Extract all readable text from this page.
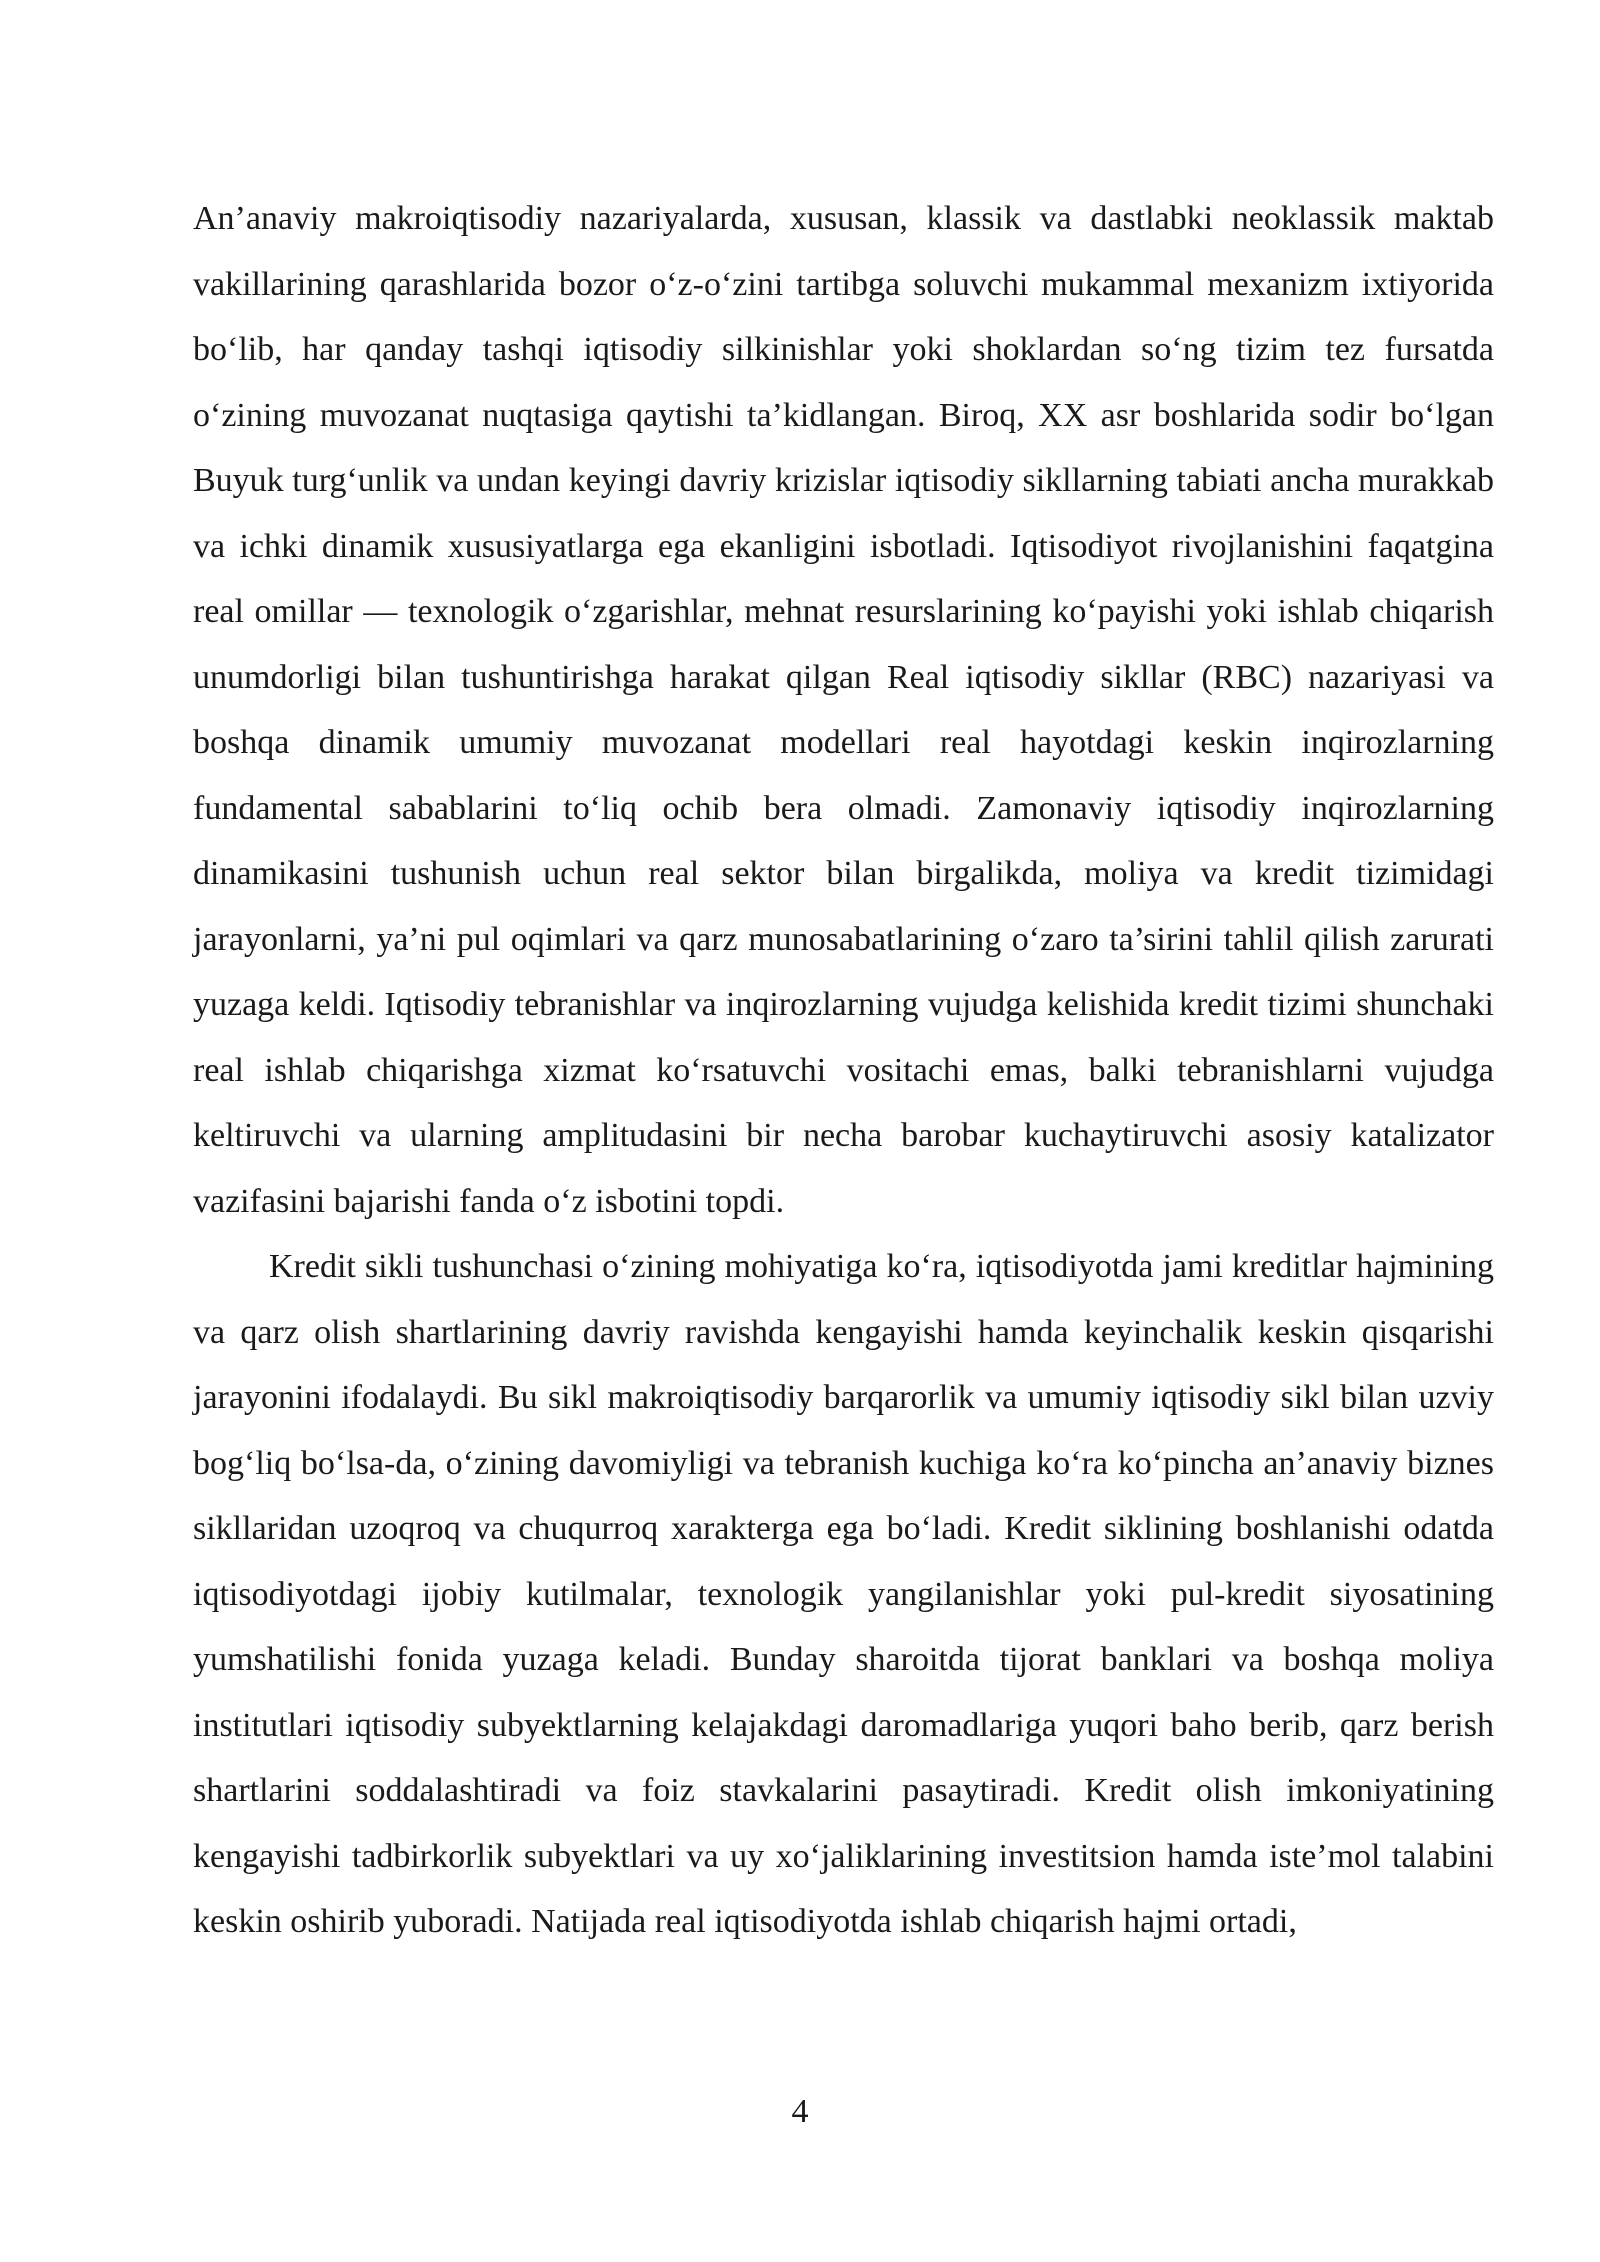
An’anaviy makroiqtisodiy nazariyalarda, xususan, klassik va dastlabki neoklassik maktab vakillarining qarashlarida bozor o‘z-o‘zini tartibga soluvchi mukammal mexanizm ixtiyorida bo‘lib, har qanday tashqi iqtisodiy silkinishlar yoki shoklardan so‘ng tizim tez fursatda o‘zining muvozanat nuqtasiga qaytishi ta’kidlangan. Biroq, XX asr boshlarida sodir bo‘lgan Buyuk turg‘unlik va undan keyingi davriy krizislar iqtisodiy sikllarning tabiati ancha murakkab va ichki dinamik xususiyatlarga ega ekanligini isbotladi. Iqtisodiyot rivojlanishini faqatgina real omillar — texnologik o‘zgarishlar, mehnat resurslarining ko‘payishi yoki ishlab chiqarish unumdorligi bilan tushuntirishga harakat qilgan Real iqtisodiy sikllar (RBC) nazariyasi va boshqa dinamik umumiy muvozanat modellari real hayotdagi keskin inqirozlarning fundamental sabablarini to‘liq ochib bera olmadi. Zamonaviy iqtisodiy inqirozlarning dinamikasini tushunish uchun real sektor bilan birgalikda, moliya va kredit tizimidagi jarayonlarni, ya’ni pul oqimlari va qarz munosabatlarining o‘zaro ta’sirini tahlil qilish zarurati yuzaga keldi. Iqtisodiy tebranishlar va inqirozlarning vujudga kelishida kredit tizimi shunchaki real ishlab chiqarishga xizmat ko‘rsatuvchi vositachi emas, balki tebranishlarni vujudga keltiruvchi va ularning amplitudasini bir necha barobar kuchaytiruvchi asosiy katalizator vazifasini bajarishi fanda o‘z isbotini topdi.

Kredit sikli tushunchasi o‘zining mohiyatiga ko‘ra, iqtisodiyotda jami kreditlar hajmining va qarz olish shartlarining davriy ravishda kengayishi hamda keyinchalik keskin qisqarishi jarayonini ifodalaydi. Bu sikl makroiqtisodiy barqarorlik va umumiy iqtisodiy sikl bilan uzviy bog‘liq bo‘lsa-da, o‘zining davomiyligi va tebranish kuchiga ko‘ra ko‘pincha an’anaviy biznes sikllaridan uzoqroq va chuqurroq xarakterga ega bo‘ladi. Kredit siklining boshlanishi odatda iqtisodiyotdagi ijobiy kutilmalar, texnologik yangilanishlar yoki pul-kredit siyosatining yumshatilishi fonida yuzaga keladi. Bunday sharoitda tijorat banklari va boshqa moliya institutlari iqtisodiy subyektlarning kelajakdagi daromadlariga yuqori baho berib, qarz berish shartlarini soddalashtiradi va foiz stavkalarini pasaytiradi. Kredit olish imkoniyatining kengayishi tadbirkorlik subyektlari va uy xo‘jaliklarining investitsion hamda iste’mol talabini keskin oshirib yuboradi. Natijada real iqtisodiyotda ishlab chiqarish hajmi ortadi,

4
